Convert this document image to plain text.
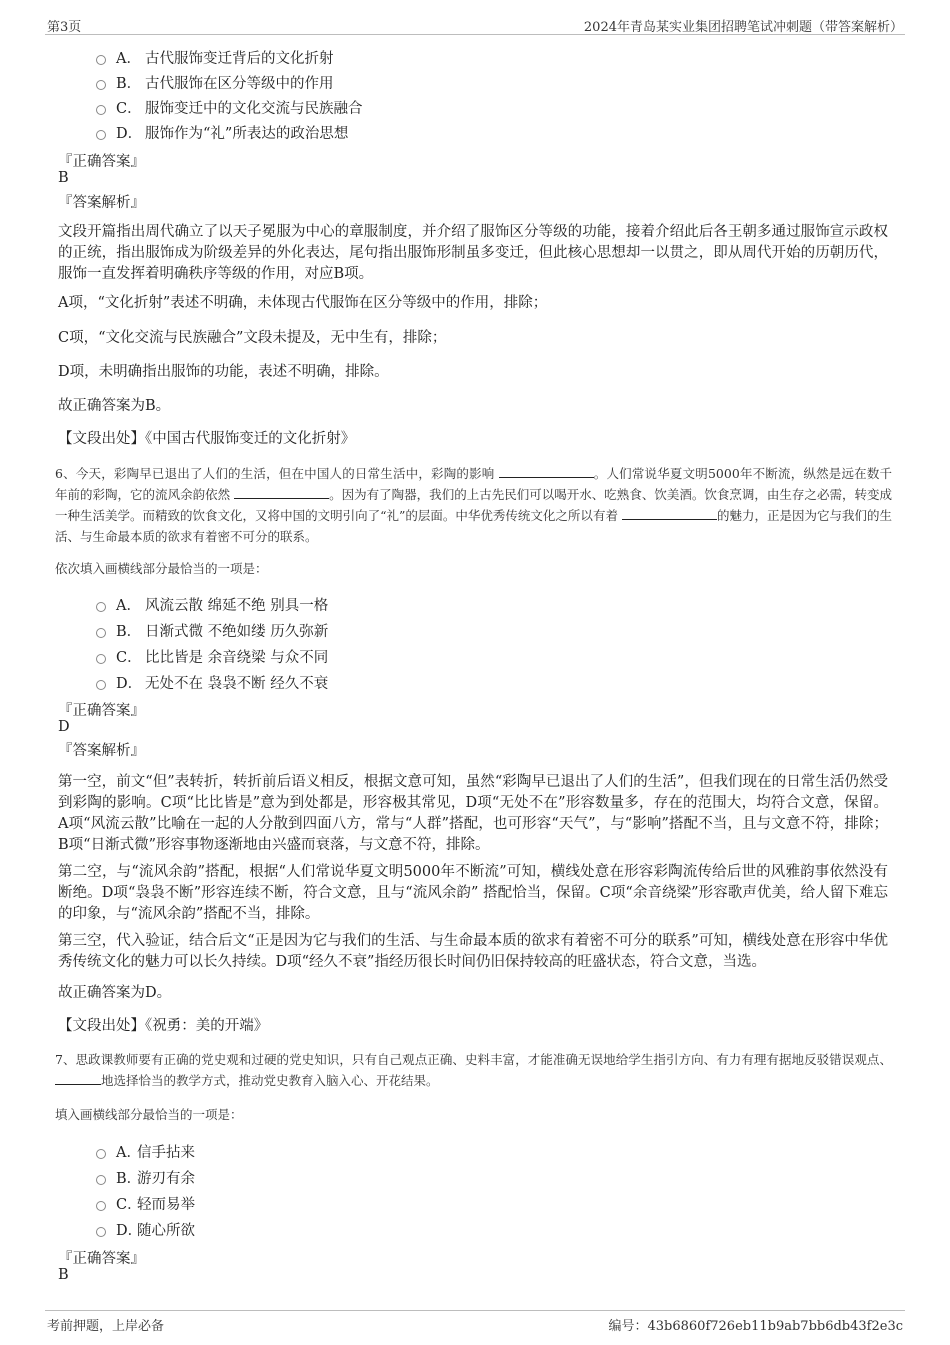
第3页	2024年青岛某实业集团招聘笔试冲刺题（带答案解析）
A． 古代服饰变迁背后的文化折射
B． 古代服饰在区分等级中的作用
C． 服饰变迁中的文化交流与民族融合
D． 服饰作为“礼”所表达的政治思想
『正确答案』
B
『答案解析』
文段开篇指出周代确立了以天子冕服为中心的章服制度，并介绍了服饰区分等级的功能，接着介绍此后各王朝多通过服饰宣示政权的正统，指出服饰成为阶级差异的外化表达，尾句指出服饰形制虽多变迁，但此核心思想却一以贯之，即从周代开始的历朝历代，服饰一直发挥着明确秩序等级的作用，对应B项。
A项，“文化折射”表述不明确，未体现古代服饰在区分等级中的作用，排除；
C项，“文化交流与民族融合”文段未提及，无中生有，排除；
D项，未明确指出服饰的功能，表述不明确，排除。
故正确答案为B。
【文段出处】《中国古代服饰变迁的文化折射》
6、今天，彩陶早已退出了人们的生活，但在中国人的日常生活中，彩陶的影响	。人们常说华夏文明5000年不断流，纵然是远在数千年前的彩陶，它的流风余韵依然	。因为有了陶器，我们的上古先民们可以喝开水、吃熟食、饮美酒。饮食烹调，由生存之必需，转变成一种生活美学。而精致的饮食文化，又将中国的文明引向了“礼”的层面。中华优秀传统文化之所以有着	的魅力，正是因为它与我们的生活、与生命最本质的欲求有着密不可分的联系。
依次填入画横线部分最恰当的一项是：
A． 风流云散 绵延不绝 别具一格
B． 日渐式微 不绝如缕 历久弥新
C． 比比皆是 余音绕梁 与众不同
D． 无处不在 袅袅不断 经久不衰
『正确答案』
D
『答案解析』
第一空，前文“但”表转折，转折前后语义相反，根据文意可知，虽然“彩陶早已退出了人们的生活”，但我们现在的日常生活仍然受到彩陶的影响。C项“比比皆是”意为到处都是，形容极其常见，D项“无处不在”形容数量多，存在的范围大，均符合文意，保留。A项“风流云散”比喻在一起的人分散到四面八方，常与“人群”搭配，也可形容“天气”，与“影响”搭配不当，且与文意不符，排除；B项“日渐式微”形容事物逐渐地由兴盛而衰落，与文意不符，排除。
第二空，与“流风余韵”搭配，根据“人们常说华夏文明5000年不断流”可知，横线处意在形容彩陶流传给后世的风雅韵事依然没有断绝。D项“袅袅不断”形容连续不断，符合文意，且与“流风余韵” 搭配恰当，保留。C项“余音绕梁”形容歌声优美，给人留下难忘的印象，与“流风余韵”搭配不当，排除。
第三空，代入验证，结合后文“正是因为它与我们的生活、与生命最本质的欲求有着密不可分的联系”可知，横线处意在形容中华优秀传统文化的魅力可以长久持续。D项“经久不衰”指经历很长时间仍旧保持较高的旺盛状态，符合文意，当选。
故正确答案为D。
【文段出处】《祝勇：美的开端》
7、思政课教师要有正确的党史观和过硬的党史知识，只有自己观点正确、史料丰富，才能准确无误地给学生指引方向、有力有理有据地反驳错误观点、地选择恰当的教学方式，推动党史教育入脑入心、开花结果。
填入画横线部分最恰当的一项是：
A．
信手拈来
B．
游刃有余
C．
轻而易举
D．
随心所欲
『正确答案』
B
考前押题，上岸必备	编号：43b6860f726eb11b9ab7bb6db43f2e3c
